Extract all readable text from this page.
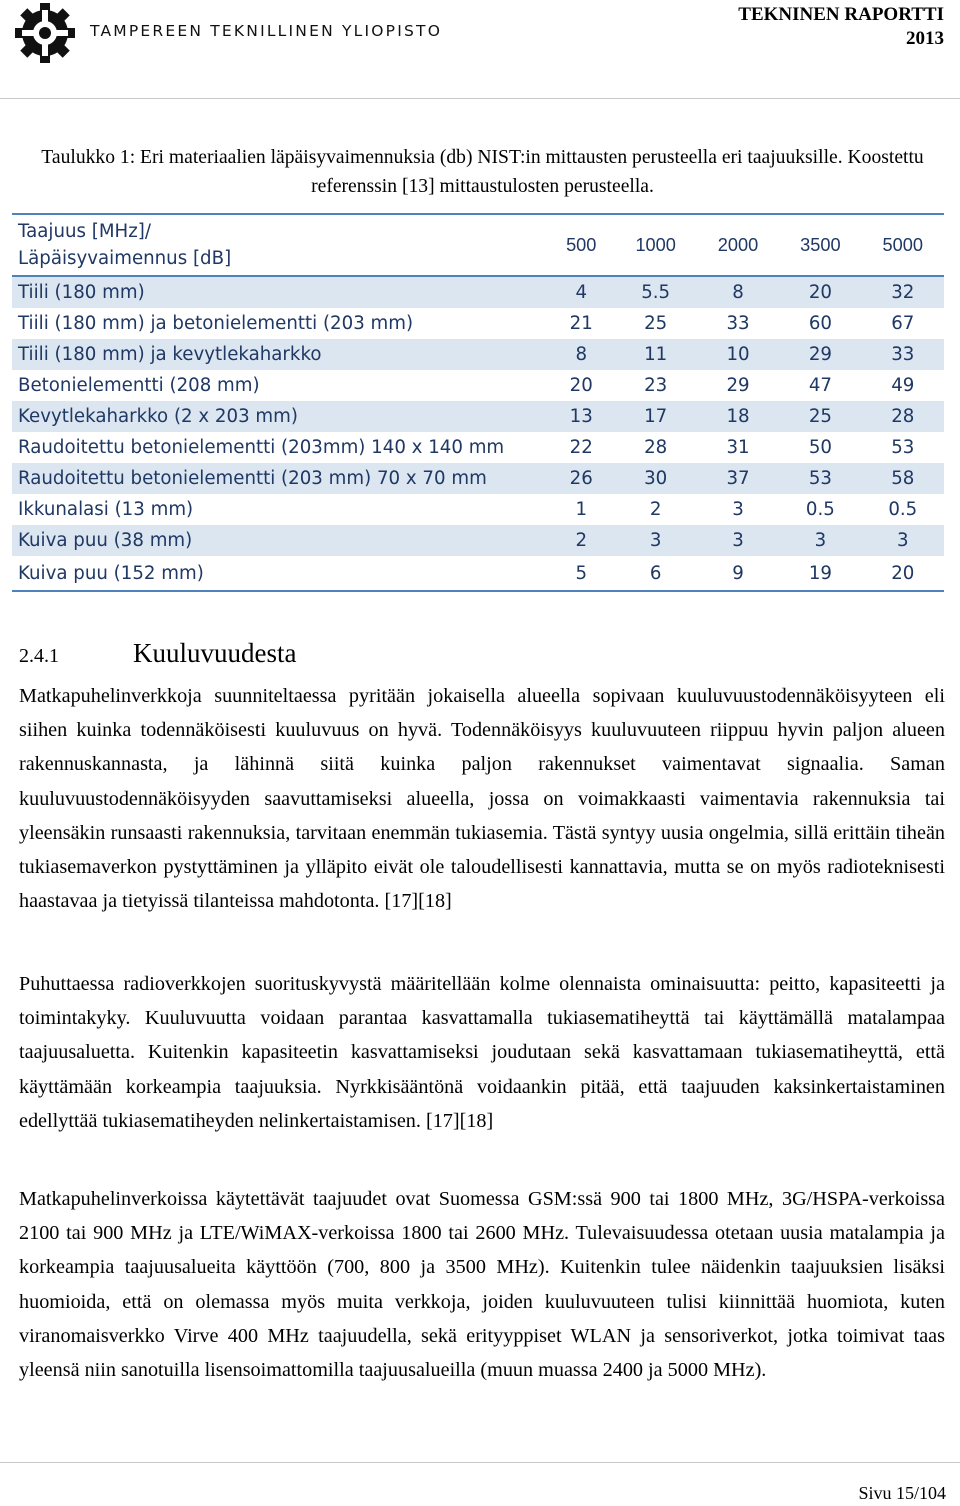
TAMPEREEN TEKNILLINEN YLIOPISTO
TEKNINEN RAPORTTI
2013
Taulukko 1: Eri materiaalien läpäisyvaimennuksia (db) NIST:in mittausten perusteella eri taajuuksille. Koostettu referenssin [13] mittaustulosten perusteella.
Taajuus [MHz]/
Läpäisyvaimennus [dB]	500	1000	2000	3500	5000
Tiili (180 mm)	4	5.5	8	20	32
Tiili (180 mm) ja betonielementti (203 mm)	21	25	33	60	67
Tiili (180 mm) ja kevytlekaharkko	8	11	10	29	33
Betonielementti (208 mm)	20	23	29	47	49
Kevytlekaharkko (2 x 203 mm)	13	17	18	25	28
Raudoitettu betonielementti (203mm) 140 x 140 mm	22	28	31	50	53
Raudoitettu betonielementti (203 mm) 70 x 70 mm	26	30	37	53	58
Ikkunalasi (13 mm)	1	2	3	0.5	0.5
Kuiva puu (38 mm)	2	3	3	3	3
Kuiva puu (152 mm)	5	6	9	19	20
2.4.1	Kuuluvuudesta
Matkapuhelinverkkoja suunniteltaessa pyritään jokaisella alueella sopivaan kuuluvuustodennäköisyyteen eli siihen kuinka todennäköisesti kuuluvuus on hyvä. Todennäköisyys kuuluvuuteen riippuu hyvin paljon alueen rakennuskannasta, ja lähinnä siitä kuinka paljon rakennukset vaimentavat signaalia. Saman kuuluvuustodennäköisyyden saavuttamiseksi alueella, jossa on voimakkaasti vaimentavia rakennuksia tai yleensäkin runsaasti rakennuksia, tarvitaan enemmän tukiasemia. Tästä syntyy uusia ongelmia, sillä erittäin tiheän tukiasemaverkon pystyttäminen ja ylläpito eivät ole taloudellisesti kannattavia, mutta se on myös radioteknisesti haastavaa ja tietyissä tilanteissa mahdotonta. [17][18]
Puhuttaessa radioverkkojen suorituskyvystä määritellään kolme olennaista ominaisuutta: peitto, kapasiteetti ja toimintakyky. Kuuluvuutta voidaan parantaa kasvattamalla tukiasematiheyttä tai käyttämällä matalampaa taajuusaluetta. Kuitenkin kapasiteetin kasvattamiseksi joudutaan sekä kasvattamaan tukiasematiheyttä, että käyttämään korkeampia taajuuksia. Nyrkkisääntönä voidaankin pitää, että taajuuden kaksinkertaistaminen edellyttää tukiasematiheyden nelinkertaistamisen. [17][18]
Matkapuhelinverkoissa käytettävät taajuudet ovat Suomessa GSM:ssä 900 tai 1800 MHz, 3G/HSPA-verkoissa 2100 tai 900 MHz ja LTE/WiMAX-verkoissa 1800 tai 2600 MHz. Tulevaisuudessa otetaan uusia matalampia ja korkeampia taajuusalueita käyttöön (700, 800 ja 3500 MHz). Kuitenkin tulee näidenkin taajuuksien lisäksi huomioida, että on olemassa myös muita verkkoja, joiden kuuluvuuteen tulisi kiinnittää huomiota, kuten viranomaisverkko Virve 400 MHz taajuudella, sekä erityyppiset WLAN ja sensoriverkot, jotka toimivat taas yleensä niin sanotuilla lisensoimattomilla taajuusalueilla (muun muassa 2400 ja 5000 MHz).
Sivu 15/104
